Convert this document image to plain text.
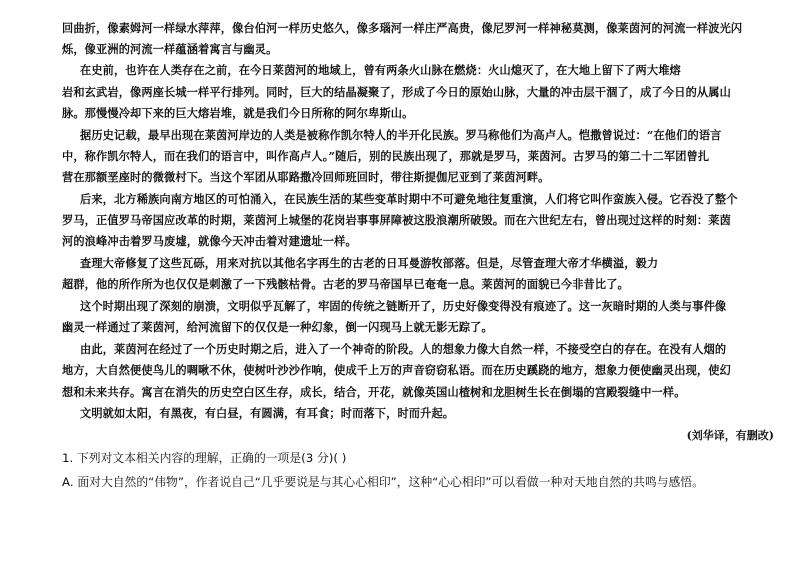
回曲折，像素姆河一样绿水萍萍，像台伯河一样历史悠久，像多瑙河一样庄严高贵，像尼罗河一样神秘莫测，像莱茵河的河流一样波光闪
烁，像亚洲的河流一样蕴涵着寓言与幽灵。
在史前，也许在人类存在之前，在今日莱茵河的地域上，曾有两条火山脉在燃烧：火山熄灭了，在大地上留下了两大堆熔
岩和玄武岩，像两座长城一样平行排列。同时，巨大的结晶凝聚了，形成了今日的原始山脉，大量的冲击层干涸了，成了今日的从属山
脉。那慢慢冷却下来的巨大熔岩堆，就是我们今日所称的阿尔卑斯山。
据历史记载，最早出现在莱茵河岸边的人类是被称作凯尔特人的半开化民族。罗马称他们为高卢人。恺撒曾说过：“在他们的语言
中，称作凯尔特人，而在我们的语言中，叫作高卢人。”随后，别的民族出现了，那就是罗马，莱茵河。古罗马的第二十二军团曾扎
营在那额垩座时的微微村下。当这个军团从耶路撒冷回师班回时，带往斯提伽尼亚到了莱茵河畔。
后来，北方稀族向南方地区的可怕涌入，在民族生活的某些变革时期中不可避免地往复重演，人们将它叫作蛮族入侵。它吞没了整个
罗马，正值罗马帝国应改革的时期，莱茵河上城堡的花岗岩事事屏障被这股浪潮所破毁。而在六世纪左右，曾出现过这样的时刻：莱茵
河的浪峰冲击着罗马废墟，就像今天冲击着对建遗址一样。
查理大帝修复了这些瓦砾，用来对抗以其他名字再生的古老的日耳曼游牧部落。但是，尽管查理大帝才华横溢，毅力
超群，他的所作所为也仅仅是刺激了一下残骸枯骨。古老的罗马帝国早已奄奄一息。莱茵河的面貌已今非昔比了。
这个时期出现了深刻的崩溃，文明似乎瓦解了，牢固的传统之链断开了，历史好像变得没有痕迹了。这一灰暗时期的人类与事件像
幽灵一样通过了莱茵河，给河流留下的仅仅是一种幻象，倒一闪现马上就无影无踪了。
由此，莱茵河在经过了一个历史时期之后，进入了一个神奇的阶段。人的想象力像大自然一样，不接受空白的存在。在没有人烟的
地方，大自然便使鸟儿的啁啾不休，使树叶沙沙作响，使成千上万的声音窃窃私语。而在历史蹊跷的地方，想象力便使幽灵出现，使幻
想和未来共存。寓言在消失的历史空白区生存，成长，结合，开花，就像英国山楂树和龙胆树生长在倒塌的宫殿裂缝中一样。
文明就如太阳，有黑夜，有白昼，有圆满，有耳食；时而落下，时而升起。
(刘华译，有删改)
1. 下列对文本相关内容的理解，正确的一项是(3 分)( )
A. 面对大自然的“伟物”，作者说自己“几乎要说是与其心心相印”，这种“心心相印”可以看做一种对天地自然的共鸣与感悟。
